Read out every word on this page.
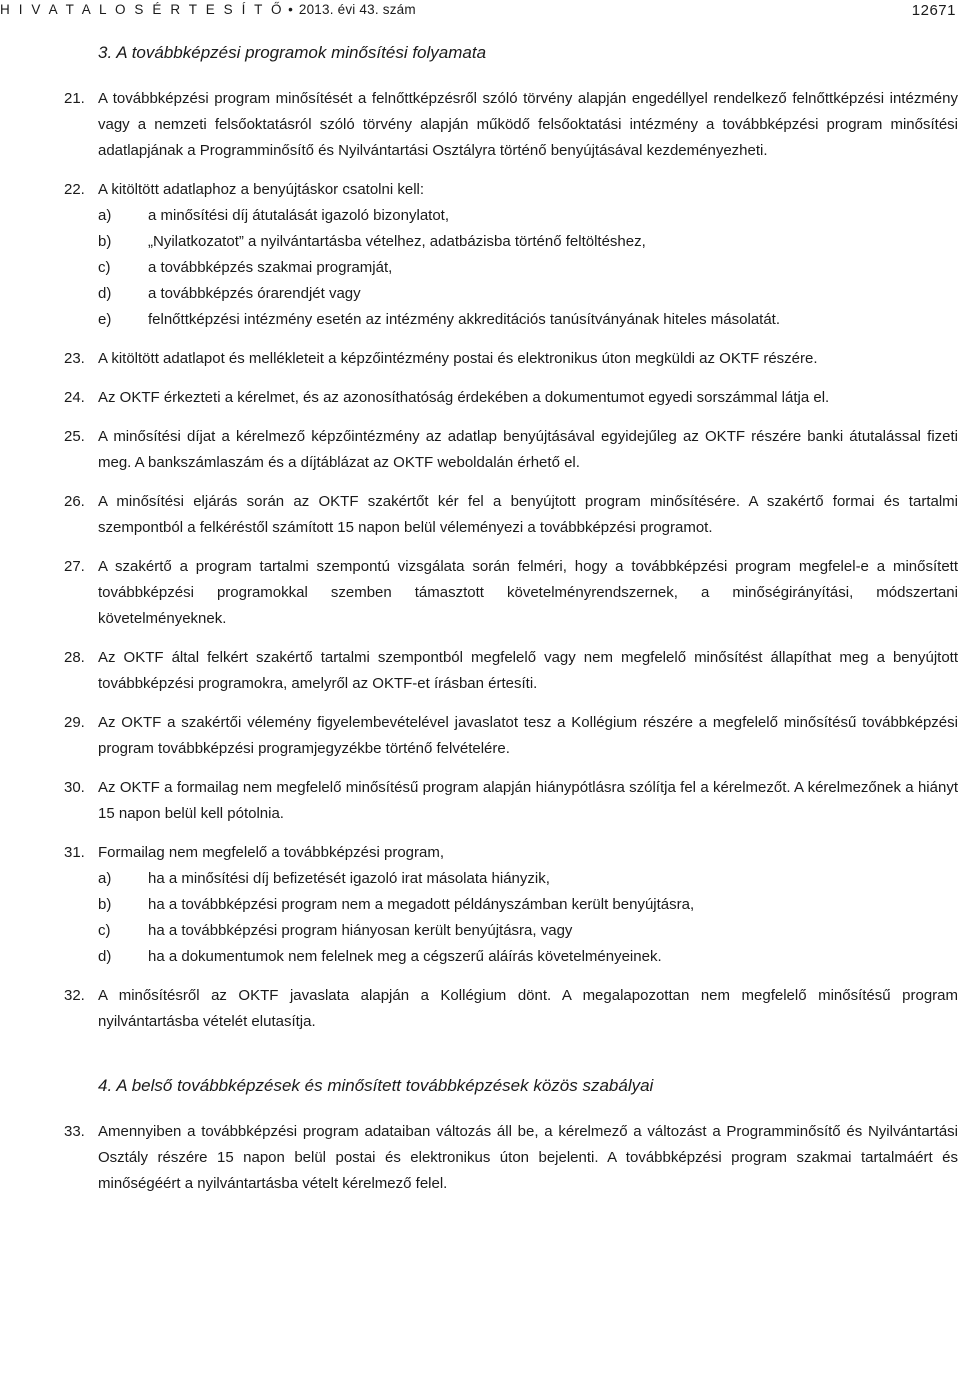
H I V A T A L O S É R T E S Í T Ő • 2013. évi 43. szám	12671
3. A továbbképzési programok minősítési folyamata
21. A továbbképzési program minősítését a felnőttképzésről szóló törvény alapján engedéllyel rendelkező felnőttképzési intézmény vagy a nemzeti felsőoktatásról szóló törvény alapján működő felsőoktatási intézmény a továbbképzési program minősítési adatlapjának a Programminősítő és Nyilvántartási Osztályra történő benyújtásával kezdeményezheti.
22. A kitöltött adatlaphoz a benyújtáskor csatolni kell:
a) a minősítési díj átutalását igazoló bizonylatot,
b) „Nyilatkozatot” a nyilvántartásba vételhez, adatbázisba történő feltöltéshez,
c)	a továbbképzés szakmai programját,
d) a továbbképzés órarendjét vagy
e) felnőttképzési intézmény esetén az intézmény akkreditációs tanúsítványának hiteles másolatát.
23. A kitöltött adatlapot és mellékleteit a képzőintézmény postai és elektronikus úton megküldi az OKTF részére.
24. Az OKTF érkezteti a kérelmet, és az azonosíthatóság érdekében a dokumentumot egyedi sorszámmal látja el.
25. A minősítési díjat a kérelmező képzőintézmény az adatlap benyújtásával egyidejűleg az OKTF részére banki átutalással fizeti meg. A bankszámlaszám és a díjtáblázat az OKTF weboldalán érhető el.
26. A minősítési eljárás során az OKTF szakértőt kér fel a benyújtott program minősítésére. A szakértő formai és tartalmi szempontból a felkéréstől számított 15 napon belül véleményezi a továbbképzési programot.
27. A szakértő a program tartalmi szempontú vizsgálata során felméri, hogy a továbbképzési program megfelel-e a minősített továbbképzési programokkal szemben támasztott követelményrendszernek, a minőségirányítási, módszertani követelményeknek.
28. Az OKTF által felkért szakértő tartalmi szempontból megfelelő vagy nem megfelelő minősítést állapíthat meg a benyújtott továbbképzési programokra, amelyről az OKTF-et írásban értesíti.
29. Az OKTF a szakértői vélemény figyelembevételével javaslatot tesz a Kollégium részére a megfelelő minősítésű továbbképzési program továbbképzési programjegyzékbe történő felvételére.
30. Az OKTF a formailag nem megfelelő minősítésű program alapján hiánypótlásra szólítja fel a kérelmezőt. A kérelmezőnek a hiányt 15 napon belül kell pótolnia.
31. Formailag nem megfelelő a továbbképzési program,
a) ha a minősítési díj befizetését igazoló irat másolata hiányzik,
b) ha a továbbképzési program nem a megadott példányszámban került benyújtásra,
c)	ha a továbbképzési program hiányosan került benyújtásra, vagy
d) ha a dokumentumok nem felelnek meg a cégszerű aláírás követelményeinek.
32. A minősítésről az OKTF javaslata alapján a Kollégium dönt. A megalapozottan nem megfelelő minősítésű program nyilvántartásba vételét elutasítja.
4. A belső továbbképzések és minősített továbbképzések közös szabályai
33. Amennyiben a továbbképzési program adataiban változás áll be, a kérelmező a változást a Programminősítő és Nyilvántartási Osztály részére 15 napon belül postai és elektronikus úton bejelenti. A továbbképzési program szakmai tartalmáért és minőségéért a nyilvántartásba vételt kérelmező felel.
